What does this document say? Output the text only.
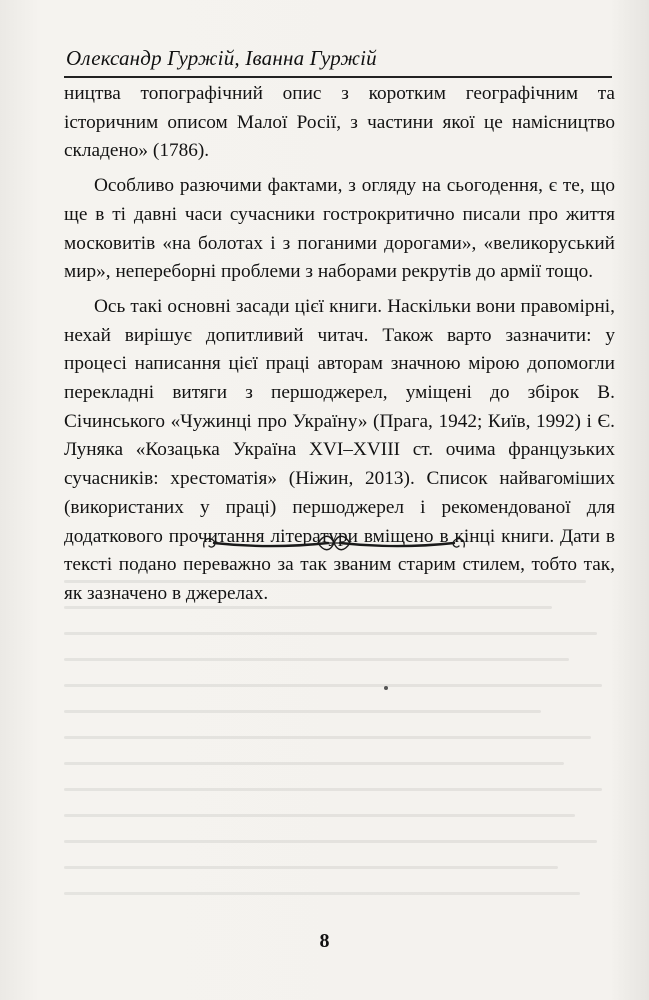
Олександр Гуржій, Іванна Гуржій

ництва топографічний опис з коротким географічним та історичним описом Малої Росії, з частини якої це намісництво складено» (1786).

Особливо разючими фактами, з огляду на сьогодення, є те, що ще в ті давні часи сучасники гострокритично писали про життя московитів «на болотах і з поганими дорогами», «великоруський мир», непереборні проблеми з наборами рекрутів до армії тощо.

Ось такі основні засади цієї книги. Наскільки вони правомірні, нехай вирішує допитливий читач. Також варто зазначити: у процесі написання цієї праці авторам значною мірою допомогли перекладні витяги з першоджерел, уміщені до збірок В. Січинського «Чужинці про Україну» (Прага, 1942; Київ, 1992) і Є. Луняка «Козацька Україна XVI–XVIII ст. очима французьких сучасників: хрестоматія» (Ніжин, 2013). Список найвагоміших (використаних у праці) першоджерел і рекомендованої для додаткового прочитання літератури вміщено в кінці книги. Дати в тексті подано переважно за так званим старим стилем, тобто так, як зазначено в джерелах.

8
